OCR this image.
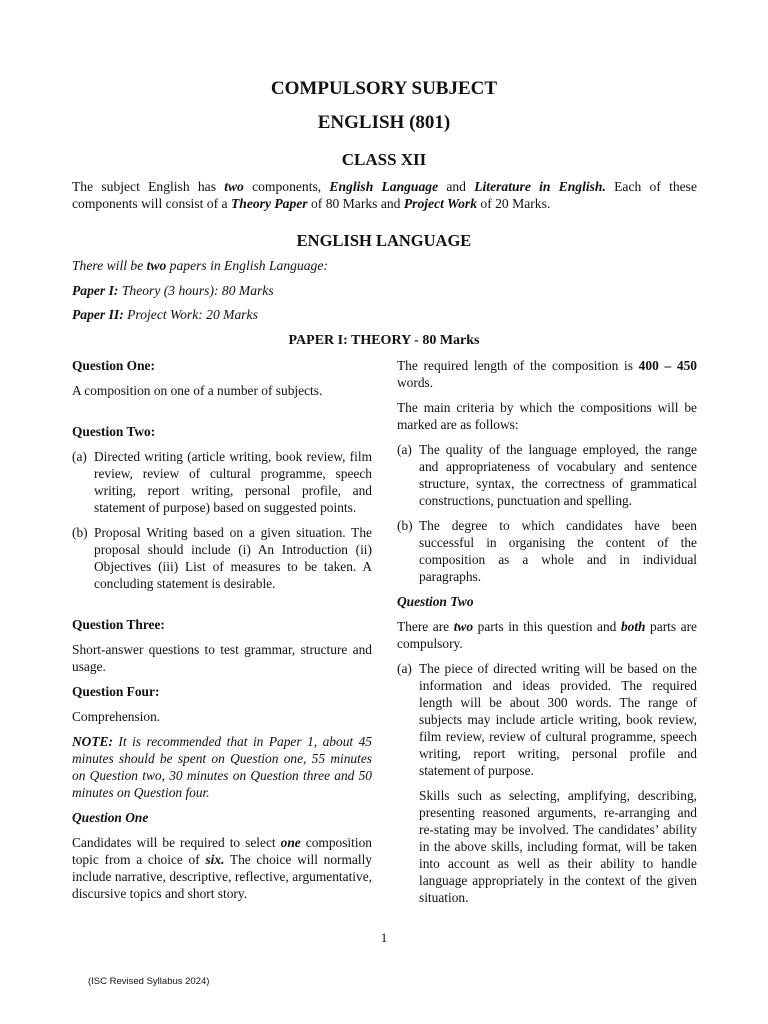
COMPULSORY SUBJECT
ENGLISH (801)
CLASS XII

The subject English has two components, English Language and Literature in English. Each of these components will consist of a Theory Paper of 80 Marks and Project Work of 20 Marks.

ENGLISH LANGUAGE

There will be two papers in English Language:

Paper I: Theory (3 hours): 80 Marks

Paper II: Project Work: 20 Marks

PAPER I: THEORY - 80 Marks

Question One:

A composition on one of a number of subjects.

Question Two:

(a) Directed writing (article writing, book review, film review, review of cultural programme, speech writing, report writing, personal profile, and statement of purpose) based on suggested points.
(b) Proposal Writing based on a given situation. The proposal should include (i) An Introduction (ii) Objectives (iii) List of measures to be taken. A concluding statement is desirable.

Question Three:

Short-answer questions to test grammar, structure and usage.

Question Four:

Comprehension.

NOTE: It is recommended that in Paper 1, about 45 minutes should be spent on Question one, 55 minutes on Question two, 30 minutes on Question three and 50 minutes on Question four.

Question One

Candidates will be required to select one composition topic from a choice of six. The choice will normally include narrative, descriptive, reflective, argumentative, discursive topics and short story.

The required length of the composition is 400 – 450 words.

The main criteria by which the compositions will be marked are as follows:

(a) The quality of the language employed, the range and appropriateness of vocabulary and sentence structure, syntax, the correctness of grammatical constructions, punctuation and spelling.
(b) The degree to which candidates have been successful in organising the content of the composition as a whole and in individual paragraphs.

Question Two

There are two parts in this question and both parts are compulsory.

(a) The piece of directed writing will be based on the information and ideas provided. The required length will be about 300 words. The range of subjects may include article writing, book review, film review, review of cultural programme, speech writing, report writing, personal profile and statement of purpose.

Skills such as selecting, amplifying, describing, presenting reasoned arguments, re-arranging and re-stating may be involved. The candidates’ ability in the above skills, including format, will be taken into account as well as their ability to handle language appropriately in the context of the given situation.

1

(ISC Revised Syllabus 2024)
